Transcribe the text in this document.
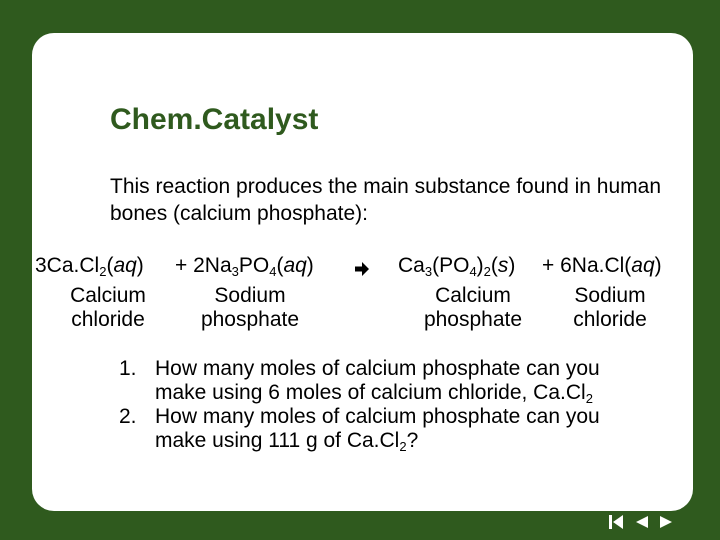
Chem.Catalyst
This reaction produces the main substance found in human bones (calcium phosphate):
$3Ca.Cl_2(aq) + 2Na_3PO_4(aq)$	$Ca_3(PO_4)_2(s) + 6Na.Cl(aq)$
Calcium
chloride
Sodium
phosphate
Calcium
phosphate
Sodium
chloride
1. How many moles of calcium phosphate can you make using 6 moles of calcium chloride, $Ca.Cl_2$
2. How many moles of calcium phosphate can you make using 111 g of $Ca.Cl_2$?
